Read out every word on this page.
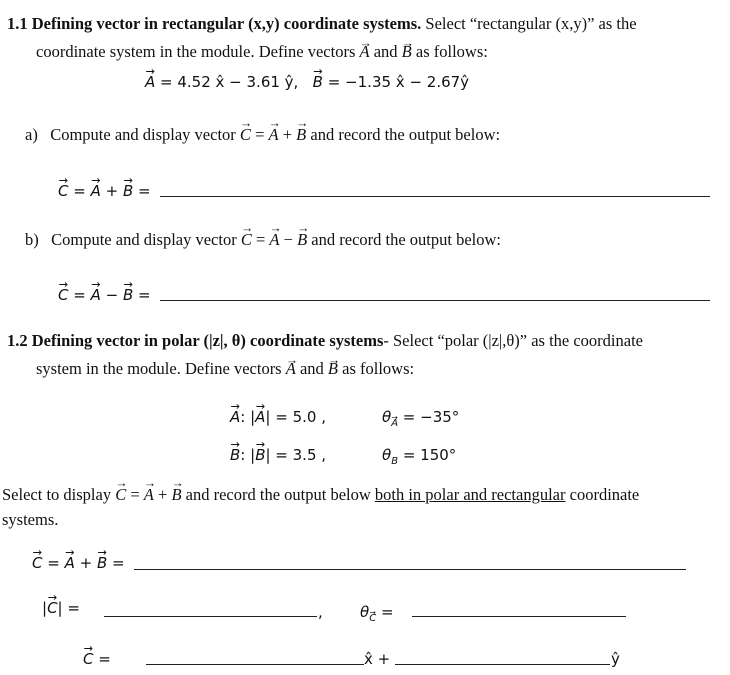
1.1 Defining vector in rectangular (x,y) coordinate systems. Select “rectangular (x,y)” as the
coordinate system in the module. Define vectors → A and → B as follows:
→ A = 4.52 x̂ − 3.61 ŷ,   → B = −1.35 x̂ − 2.67ŷ
a) Compute and display vector → C = → A + → B and record the output below:
→ C = → A + → B =
b) Compute and display vector → C = → A − → B and record the output below:
→ C = → A − → B =
1.2 Defining vector in polar (|z|, θ) coordinate systems- Select “polar (|z|,θ)” as the coordinate
system in the module. Define vectors → A and → B as follows:
→ A: |→ A| = 5.0 ,	θ→ $_A$ = −35°
→ B: |→ B| = 3.5 ,	$\theta_B = 150^\circ$
Select to display → C = → A + → B and record the output below both in polar and rectangular coordinate
systems.
→ C = → A + → B =
|→ C| =	, θ→ $_C$ =
→ C =	x̂ +	ŷ
